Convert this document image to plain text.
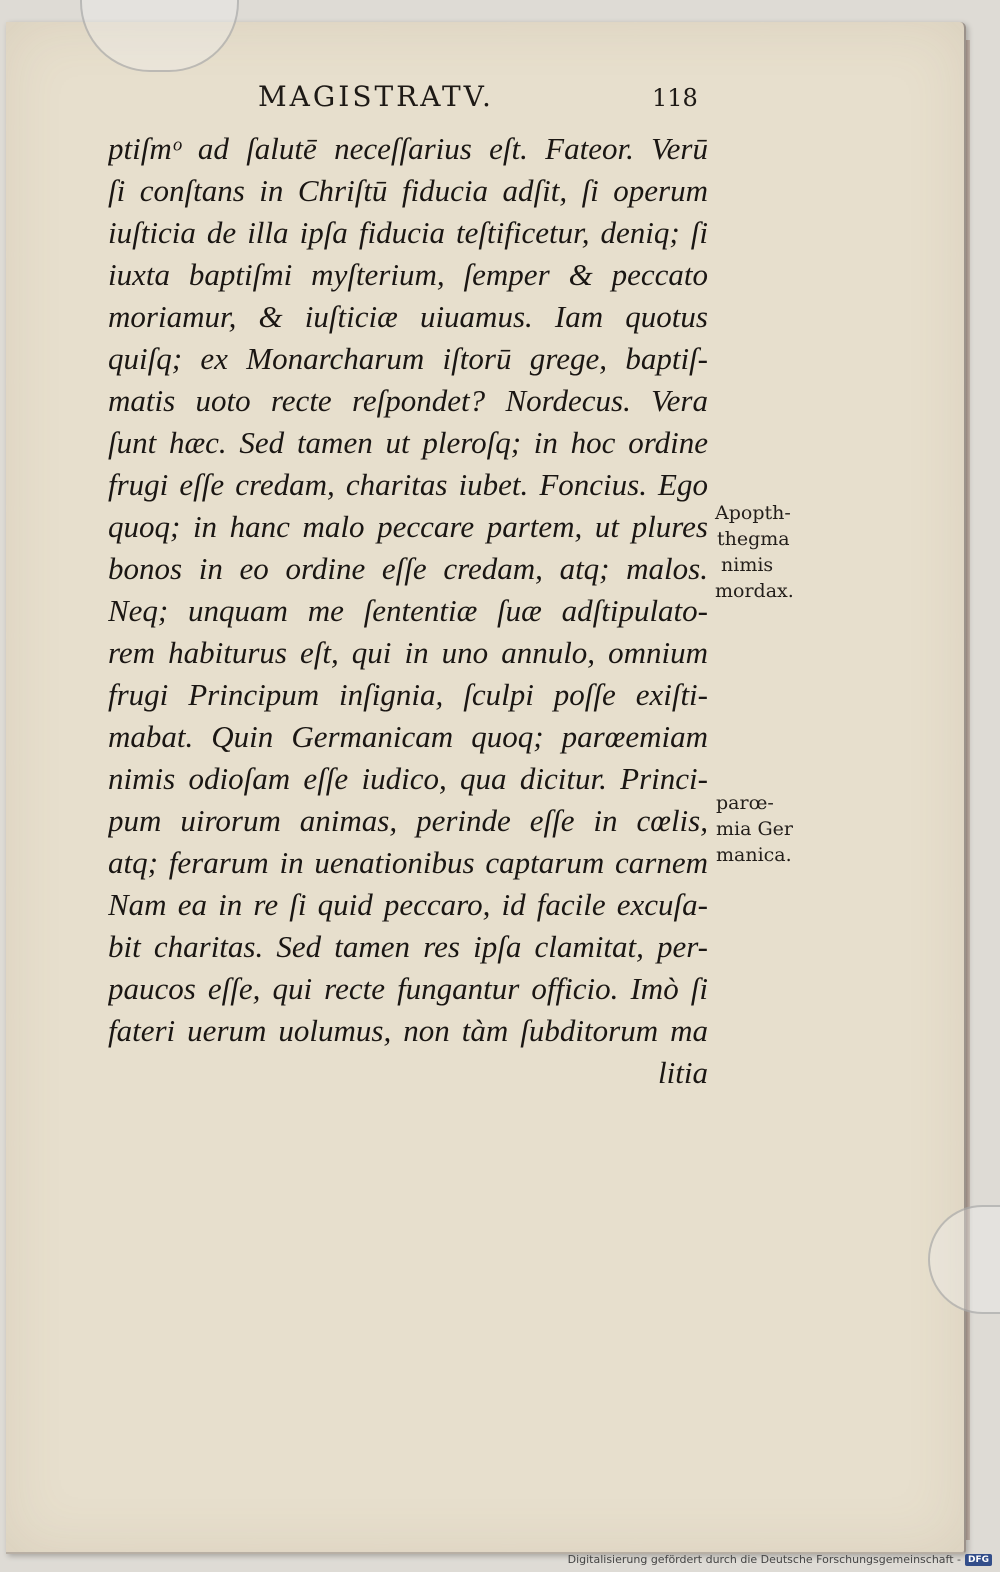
MAGISTRATV.	118
ptiſmᵒ ad ſalutē neceſſarius eſt. Fateor. Verū
ſi conſtans in Chriſtū fiducia adſit, ſi operum
iuſticia de illa ipſa fiducia teſtificetur, deniq; ſi
iuxta baptiſmi myſterium, ſemper & peccato
moriamur, & iuſticiæ uiuamus. Iam quotus
quiſq; ex Monarcharum iſtorū grege, baptiſ-
matis uoto recte reſpondet? Nordecus. Vera
ſunt hæc. Sed tamen ut pleroſq; in hoc ordine
frugi eſſe credam, charitas iubet. Foncius. Ego
quoq; in hanc malo peccare partem, ut plures
bonos in eo ordine eſſe credam, atq; malos.
Neq; unquam me ſententiæ ſuæ adſtipulato-
rem habiturus eſt, qui in uno annulo, omnium
frugi Principum inſignia, ſculpi poſſe exiſti-
mabat. Quin Germanicam quoq; parœemiam
nimis odioſam eſſe iudico, qua dicitur. Princi-
pum uirorum animas, perinde eſſe in cœlis,
atq; ferarum in uenationibus captarum carnem
Nam ea in re ſi quid peccaro, id facile excuſa-
bit charitas. Sed tamen res ipſa clamitat, per-
paucos eſſe, qui recte fungantur officio. Imò ſi
fateri uerum uolumus, non tàm ſubditorum ma
litia
Apopth-
thegma
nimis
mordax.
parœ-
mia Ger
manica.
Digitalisierung gefördert durch die Deutsche Forschungsgemeinschaft - DFG
